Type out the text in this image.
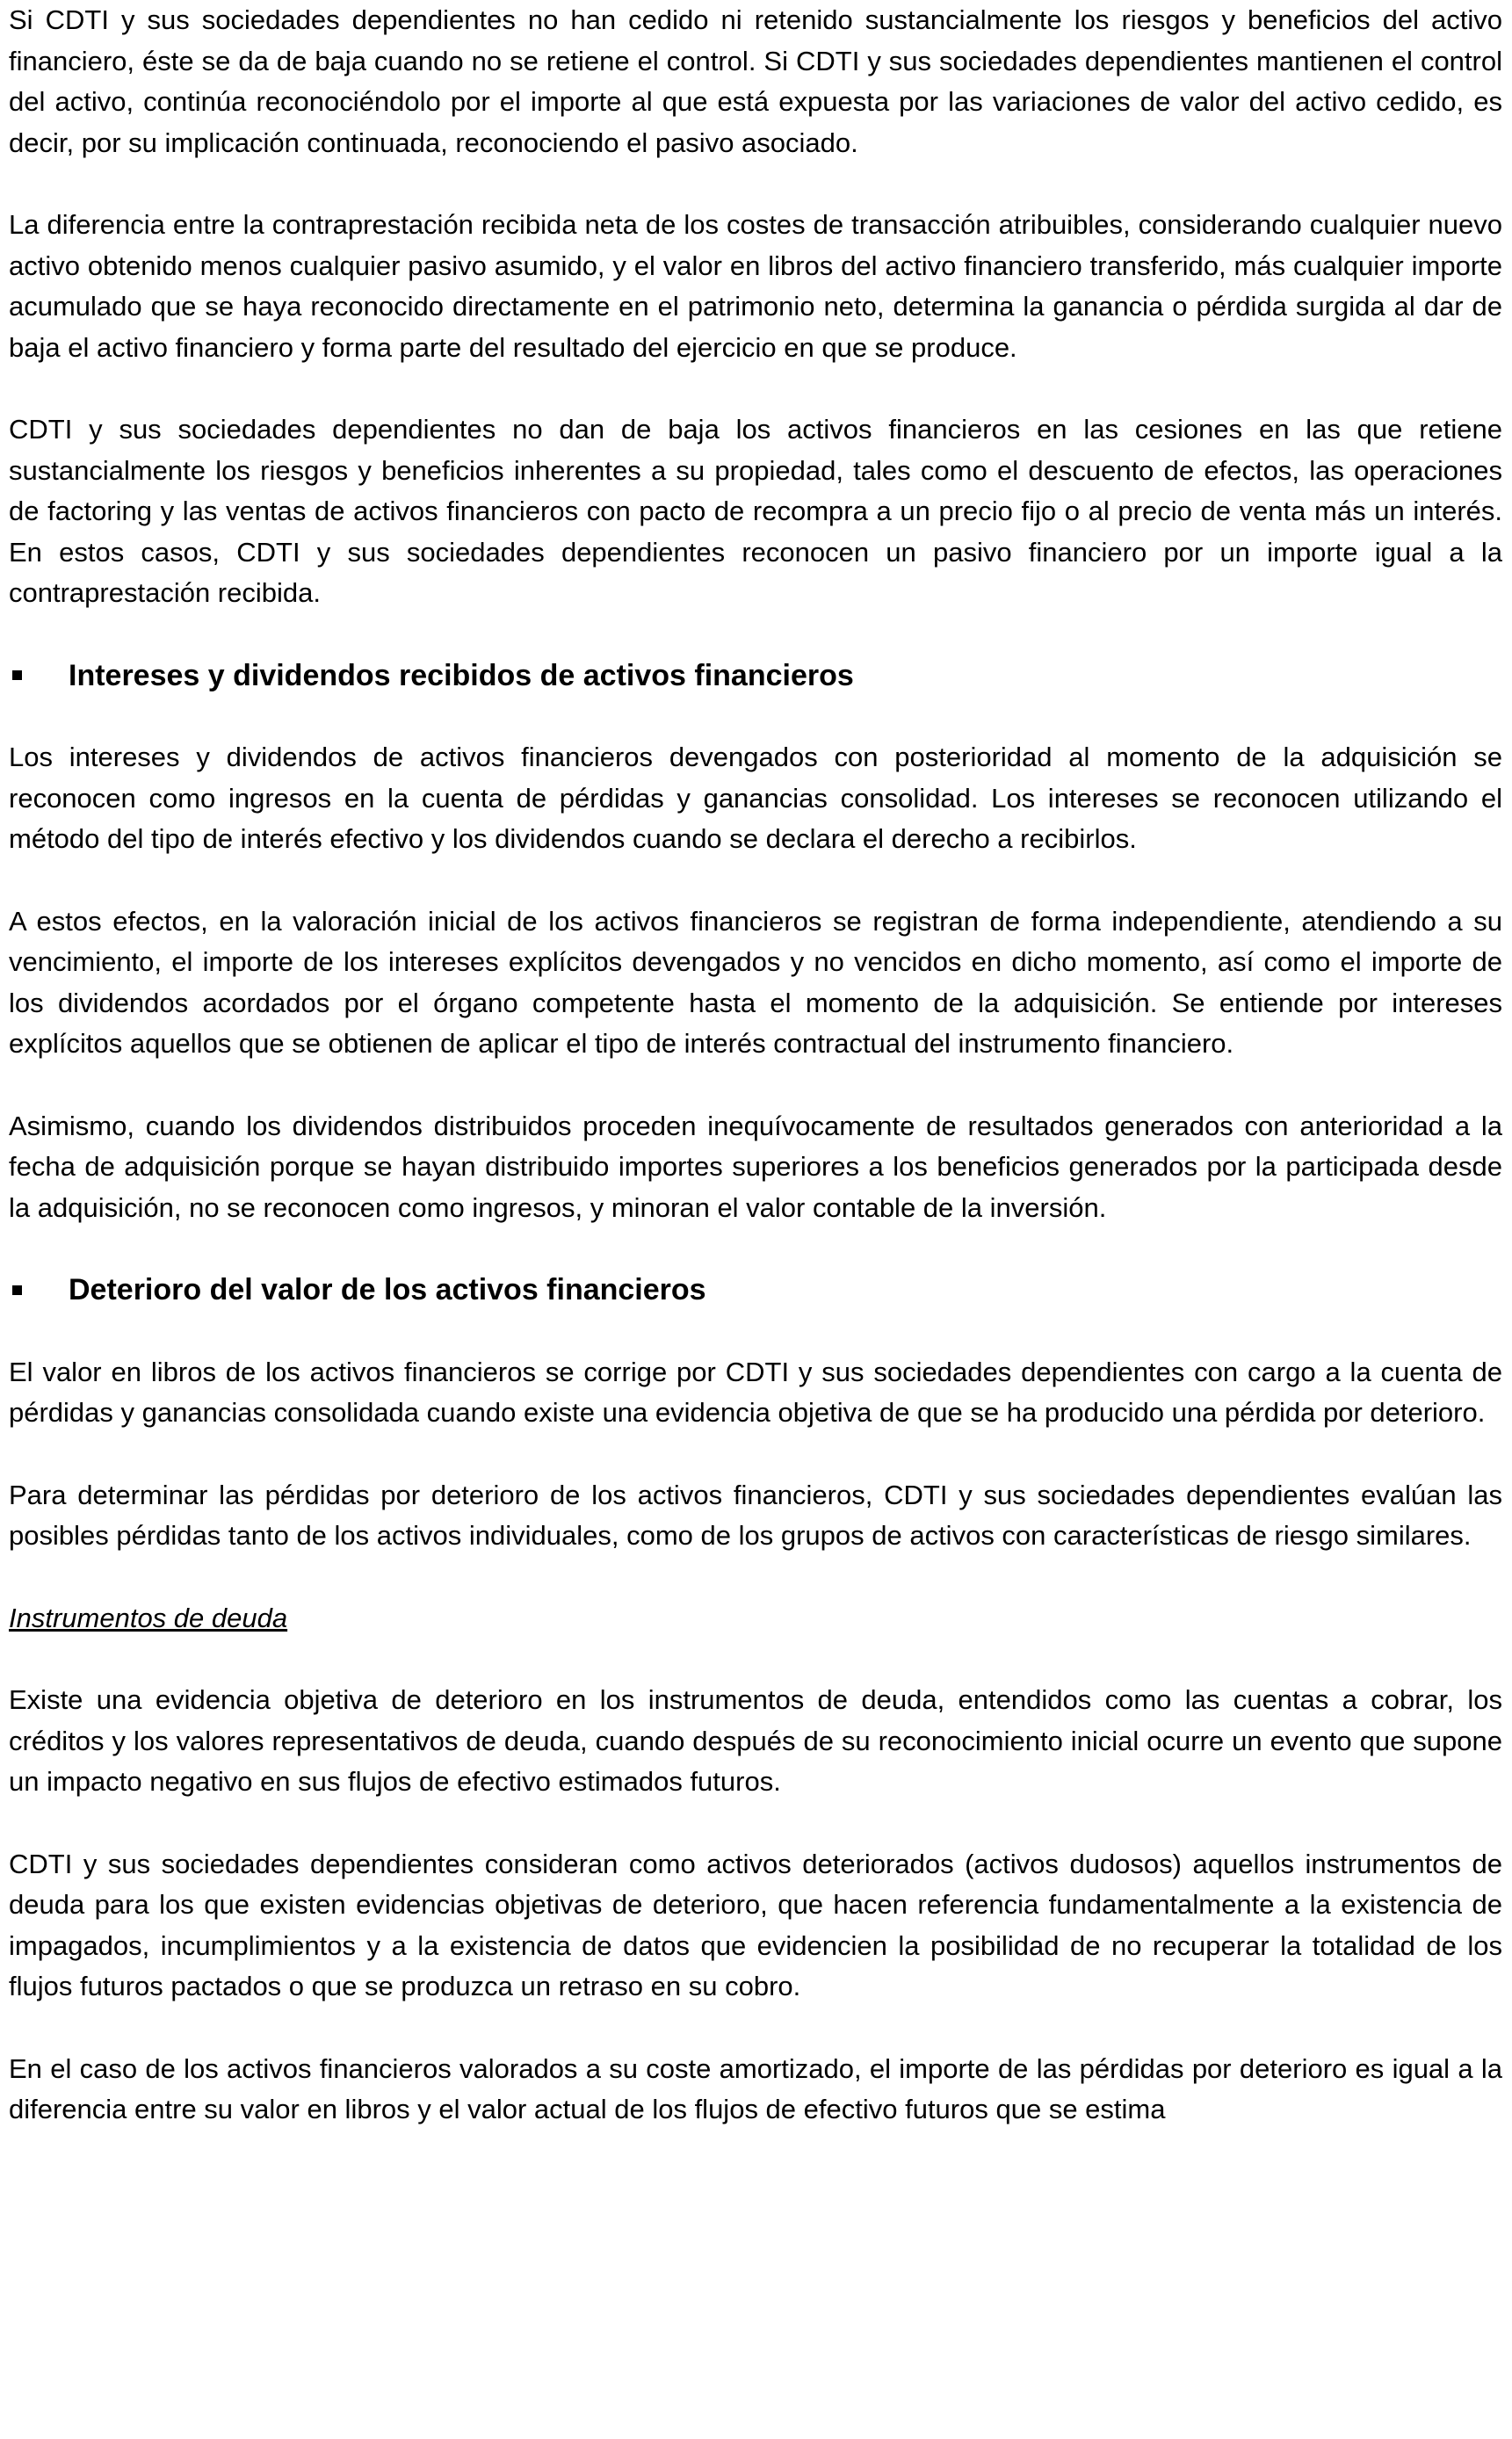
Si CDTI y sus sociedades dependientes no han cedido ni retenido sustancialmente los riesgos y beneficios del activo financiero, éste se da de baja cuando no se retiene el control. Si CDTI y sus sociedades dependientes mantienen el control del activo, continúa reconociéndolo por el importe al que está expuesta por las variaciones de valor del activo cedido, es decir, por su implicación continuada, reconociendo el pasivo asociado.

La diferencia entre la contraprestación recibida neta de los costes de transacción atribuibles, considerando cualquier nuevo activo obtenido menos cualquier pasivo asumido, y el valor en libros del activo financiero transferido, más cualquier importe acumulado que se haya reconocido directamente en el patrimonio neto, determina la ganancia o pérdida surgida al dar de baja el activo financiero y forma parte del resultado del ejercicio en que se produce.

CDTI y sus sociedades dependientes no dan de baja los activos financieros en las cesiones en las que retiene sustancialmente los riesgos y beneficios inherentes a su propiedad, tales como el descuento de efectos, las operaciones de factoring y las ventas de activos financieros con pacto de recompra a un precio fijo o al precio de venta más un interés. En estos casos, CDTI y sus sociedades dependientes reconocen un pasivo financiero por un importe igual a la contraprestación recibida.

Intereses y dividendos recibidos de activos financieros

Los intereses y dividendos de activos financieros devengados con posterioridad al momento de la adquisición se reconocen como ingresos en la cuenta de pérdidas y ganancias consolidad. Los intereses se reconocen utilizando el método del tipo de interés efectivo y los dividendos cuando se declara el derecho a recibirlos.

A estos efectos, en la valoración inicial de los activos financieros se registran de forma independiente, atendiendo a su vencimiento, el importe de los intereses explícitos devengados y no vencidos en dicho momento, así como el importe de los dividendos acordados por el órgano competente hasta el momento de la adquisición. Se entiende por intereses explícitos aquellos que se obtienen de aplicar el tipo de interés contractual del instrumento financiero.

Asimismo, cuando los dividendos distribuidos proceden inequívocamente de resultados generados con anterioridad a la fecha de adquisición porque se hayan distribuido importes superiores a los beneficios generados por la participada desde la adquisición, no se reconocen como ingresos, y minoran el valor contable de la inversión.

Deterioro del valor de los activos financieros

El valor en libros de los activos financieros se corrige por CDTI y sus sociedades dependientes con cargo a la cuenta de pérdidas y ganancias consolidada cuando existe una evidencia objetiva de que se ha producido una pérdida por deterioro.

Para determinar las pérdidas por deterioro de los activos financieros, CDTI y sus sociedades dependientes evalúan las posibles pérdidas tanto de los activos individuales, como de los grupos de activos con características de riesgo similares.

Instrumentos de deuda

Existe una evidencia objetiva de deterioro en los instrumentos de deuda, entendidos como las cuentas a cobrar, los créditos y los valores representativos de deuda, cuando después de su reconocimiento inicial ocurre un evento que supone un impacto negativo en sus flujos de efectivo estimados futuros.

CDTI y sus sociedades dependientes consideran como activos deteriorados (activos dudosos) aquellos instrumentos de deuda para los que existen evidencias objetivas de deterioro, que hacen referencia fundamentalmente a la existencia de impagados, incumplimientos y a la existencia de datos que evidencien la posibilidad de no recuperar la totalidad de los flujos futuros pactados o que se produzca un retraso en su cobro.

En el caso de los activos financieros valorados a su coste amortizado, el importe de las pérdidas por deterioro es igual a la diferencia entre su valor en libros y el valor actual de los flujos de efectivo futuros que se estima
